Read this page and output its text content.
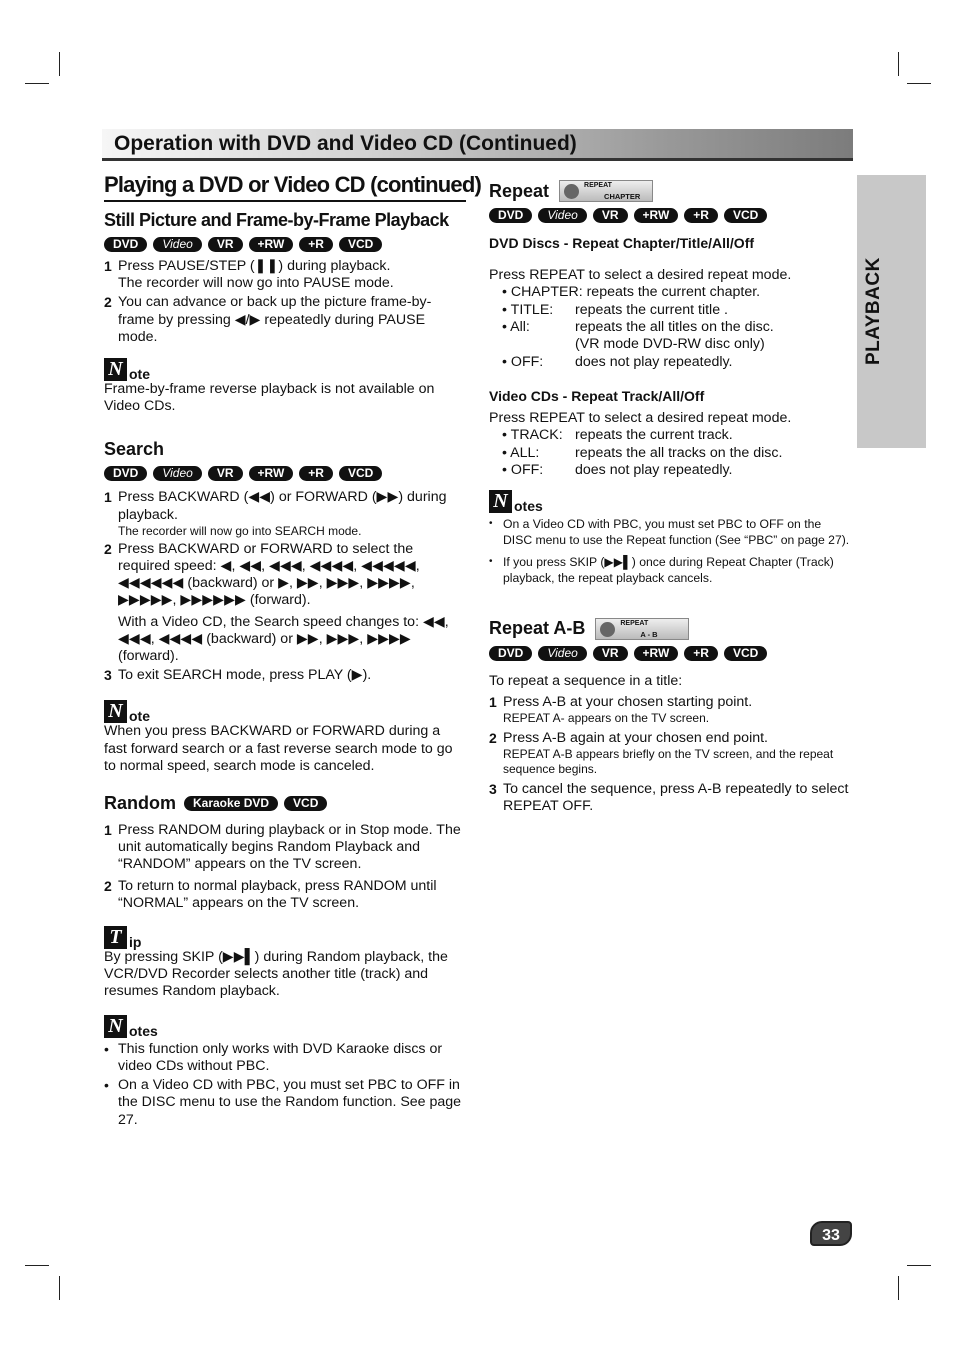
Operation with DVD and Video CD (Continued)
PLAYBACK
Playing a DVD or Video CD (continued)
Still Picture and Frame-by-Frame Playback
DVD	Video	VR	+RW	+R	VCD
1 Press PAUSE/STEP (❚❚) during playback.

The recorder will now go into PAUSE mode.

2 You can advance or back up the picture frame-by-frame by pressing ◀/▶ repeatedly during PAUSE mode.

N ote

Frame-by-frame reverse playback is not available on Video CDs.

Search
DVD	Video	VR	+RW	+R	VCD
1 Press BACKWARD (◀◀) or FORWARD (▶▶) during playback.

The recorder will now go into SEARCH mode.

2 Press BACKWARD or FORWARD to select the required speed: ◀, ◀◀, ◀◀◀, ◀◀◀◀, ◀◀◀◀◀, ◀◀◀◀◀◀ (backward) or ▶, ▶▶, ▶▶▶, ▶▶▶▶, ▶▶▶▶▶, ▶▶▶▶▶▶ (forward).

With a Video CD, the Search speed changes to: ◀◀, ◀◀◀, ◀◀◀◀ (backward) or ▶▶, ▶▶▶, ▶▶▶▶ (forward).

3 To exit SEARCH mode, press PLAY (▶).

N ote

When you press BACKWARD or FORWARD during a fast forward search or a fast reverse search mode to go to normal speed, search mode is canceled.

Random	Karaoke DVD	VCD
1 Press RANDOM during playback or in Stop mode. The unit automatically begins Random Playback and “RANDOM” appears on the TV screen.

2 To return to normal playback, press RANDOM until “NORMAL” appears on the TV screen.

T ip

By pressing SKIP (▶▶▌) during Random playback, the VCR/DVD Recorder selects another title (track) and resumes Random playback.

N otes
• This function only works with DVD Karaoke discs or video CDs without PBC.
• On a Video CD with PBC, you must set PBC to OFF in the DISC menu to use the Random function. See page 27.
Repeat	REPEAT
CHAPTER
DVD	Video	VR	+RW	+R	VCD
DVD Discs - Repeat Chapter/Title/All/Off

Press REPEAT to select a desired repeat mode.

• CHAPTER: repeats the current chapter.
• TITLE:	repeats the current title .
• All:	repeats the all titles on the disc.
(VR mode DVD-RW disc only)
• OFF:	does not play repeatedly.
Video CDs - Repeat Track/All/Off

Press REPEAT to select a desired repeat mode.

• TRACK: repeats the current track.
• ALL:	repeats the all tracks on the disc.
• OFF:	does not play repeatedly.
N otes
• On a Video CD with PBC, you must set PBC to OFF on the DISC menu to use the Repeat function (See “PBC” on page 27).
• If you press SKIP (▶▶▌) once during Repeat Chapter (Track) playback, the repeat playback cancels.
Repeat A-B	REPEAT
A - B
DVD	Video	VR	+RW	+R	VCD

To repeat a sequence in a title:

1 Press A-B at your chosen starting point.

REPEAT A- appears on the TV screen.

2 Press A-B again at your chosen end point.

REPEAT A-B appears briefly on the TV screen, and the repeat sequence begins.

3 To cancel the sequence, press A-B repeatedly to select REPEAT OFF.

33
